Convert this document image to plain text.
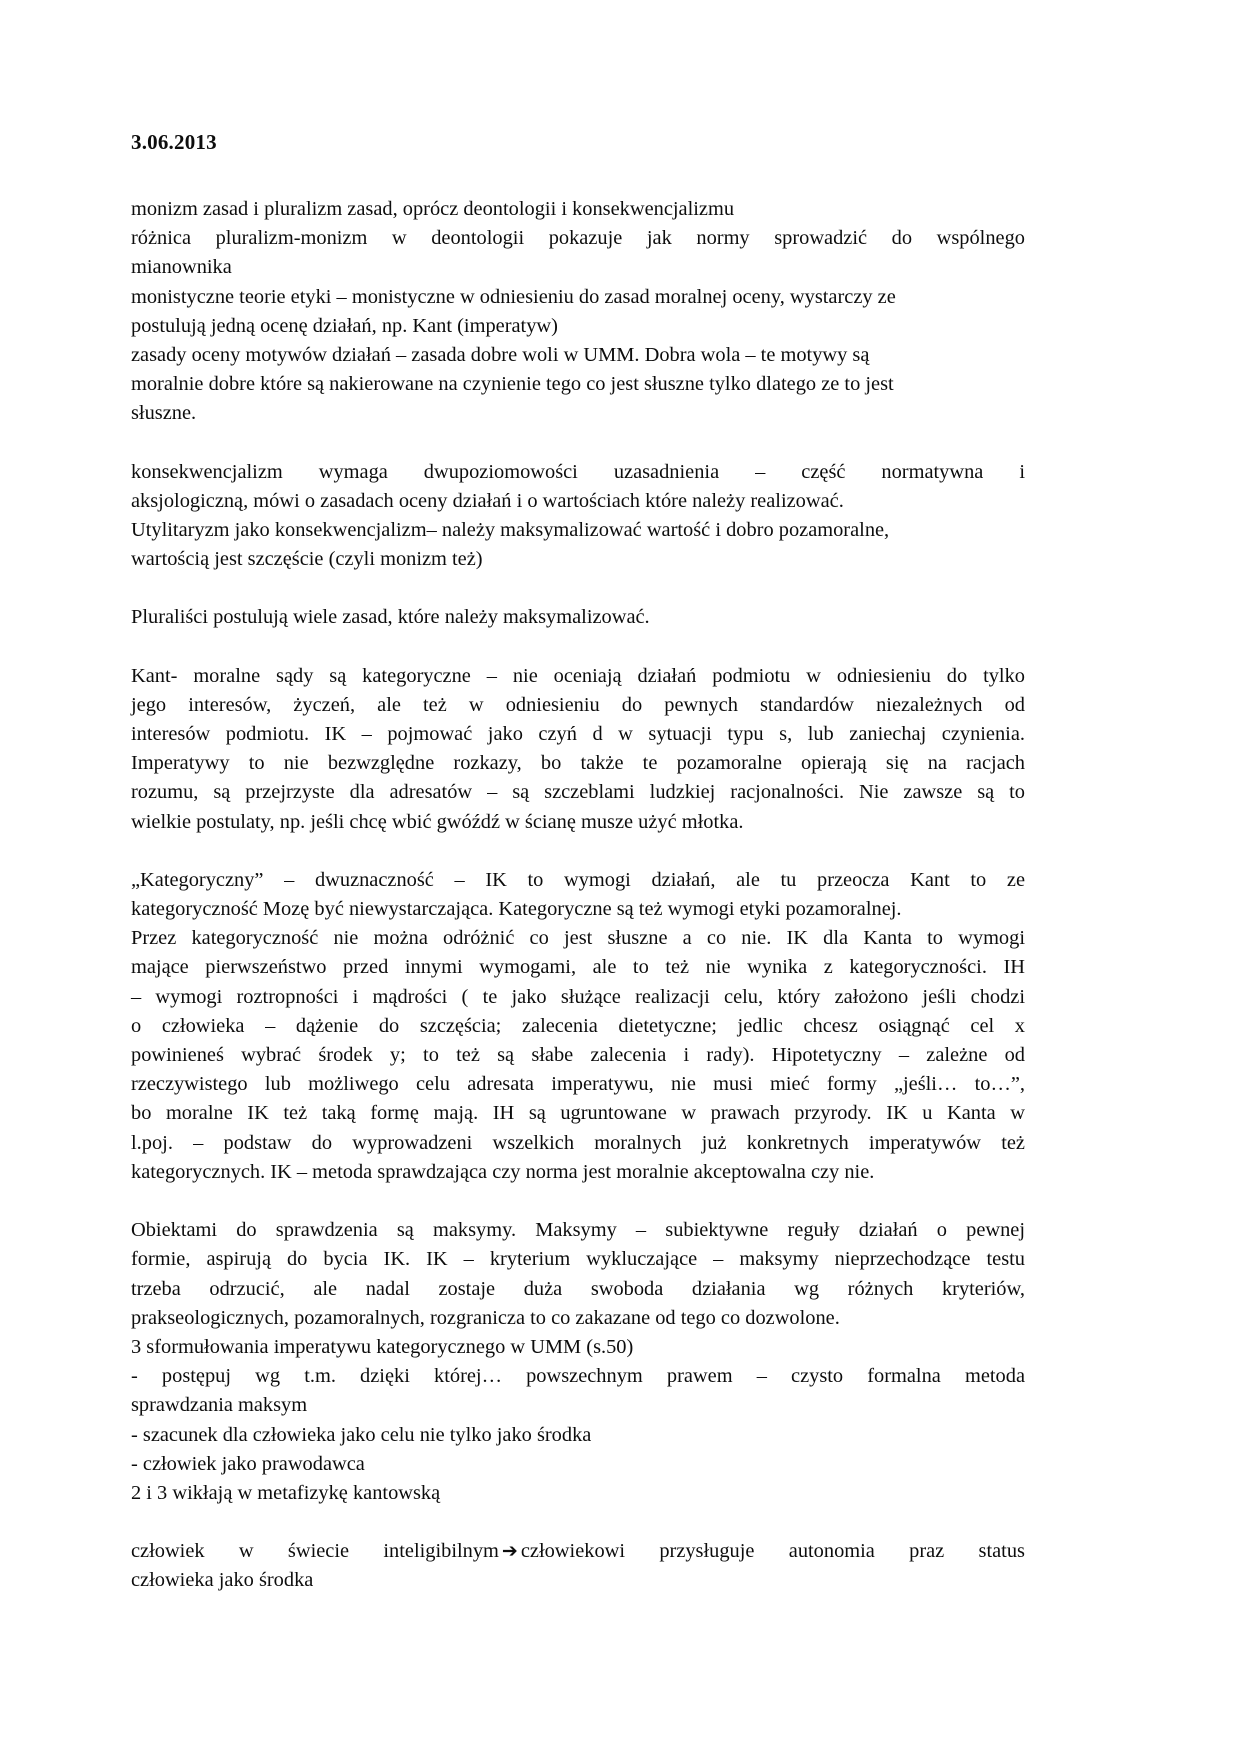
3.06.2013
monizm zasad i pluralizm zasad, oprócz deontologii i konsekwencjalizmu
różnica pluralizm-monizm w deontologii pokazuje jak normy sprowadzić do wspólnego
mianownika
monistyczne teorie etyki – monistyczne w odniesieniu do zasad moralnej oceny, wystarczy ze
postulują jedną ocenę działań, np. Kant (imperatyw)
zasady oceny motywów działań – zasada dobre woli w UMM. Dobra wola – te motywy są
moralnie dobre które są nakierowane na czynienie tego co jest słuszne tylko dlatego ze to jest
słuszne.
konsekwencjalizm wymaga dwupoziomowości uzasadnienia – część normatywna i
aksjologiczną, mówi o zasadach oceny działań i o wartościach które należy realizować.
Utylitaryzm jako konsekwencjalizm– należy maksymalizować wartość i dobro pozamoralne,
wartością jest szczęście (czyli monizm też)
Pluraliści postulują wiele zasad, które należy maksymalizować.
Kant- moralne sądy są kategoryczne – nie oceniają działań podmiotu w odniesieniu do tylko
jego interesów, życzeń, ale też w odniesieniu do pewnych standardów niezależnych od
interesów podmiotu. IK – pojmować jako czyń d w sytuacji typu s, lub zaniechaj czynienia.
Imperatywy to nie bezwzględne rozkazy, bo także te pozamoralne opierają się na racjach
rozumu, są przejrzyste dla adresatów – są szczeblami ludzkiej racjonalności. Nie zawsze są to
wielkie postulaty, np. jeśli chcę wbić gwóźdź w ścianę musze użyć młotka.
„Kategoryczny” – dwuznaczność – IK to wymogi działań, ale tu przeocza Kant to ze
kategoryczność Mozę być niewystarczająca. Kategoryczne są też wymogi etyki pozamoralnej.
Przez kategoryczność nie można odróżnić co jest słuszne a co nie. IK dla Kanta to wymogi
mające pierwszeństwo przed innymi wymogami, ale to też nie wynika z kategoryczności. IH
– wymogi roztropności i mądrości ( te jako służące realizacji celu, który założono jeśli chodzi
o człowieka – dążenie do szczęścia; zalecenia dietetyczne; jedlic chcesz osiągnąć cel x
powinieneś wybrać środek y; to też są słabe zalecenia i rady). Hipotetyczny – zależne od
rzeczywistego lub możliwego celu adresata imperatywu, nie musi mieć formy „jeśli… to…”,
bo moralne IK też taką formę mają. IH są ugruntowane w prawach przyrody. IK u Kanta w
l.poj. – podstaw do wyprowadzeni wszelkich moralnych już konkretnych imperatywów też
kategorycznych. IK – metoda sprawdzająca czy norma jest moralnie akceptowalna czy nie.
Obiektami do sprawdzenia są maksymy. Maksymy – subiektywne reguły działań o pewnej
formie, aspirują do bycia IK. IK – kryterium wykluczające – maksymy nieprzechodzące testu
trzeba odrzucić, ale nadal zostaje duża swoboda działania wg różnych kryteriów,
prakseologicznych, pozamoralnych, rozgranicza to co zakazane od tego co dozwolone.
3 sformułowania imperatywu kategorycznego w UMM (s.50)
- postępuj wg t.m. dzięki której… powszechnym prawem – czysto formalna metoda
sprawdzania maksym
- szacunek dla człowieka jako celu nie tylko jako środka
- człowiek jako prawodawca
2 i 3 wikłają w metafizykę kantowską
człowiek w świecie inteligibilnym ➔ człowiekowi przysługuje autonomia praz status
człowieka jako środka
